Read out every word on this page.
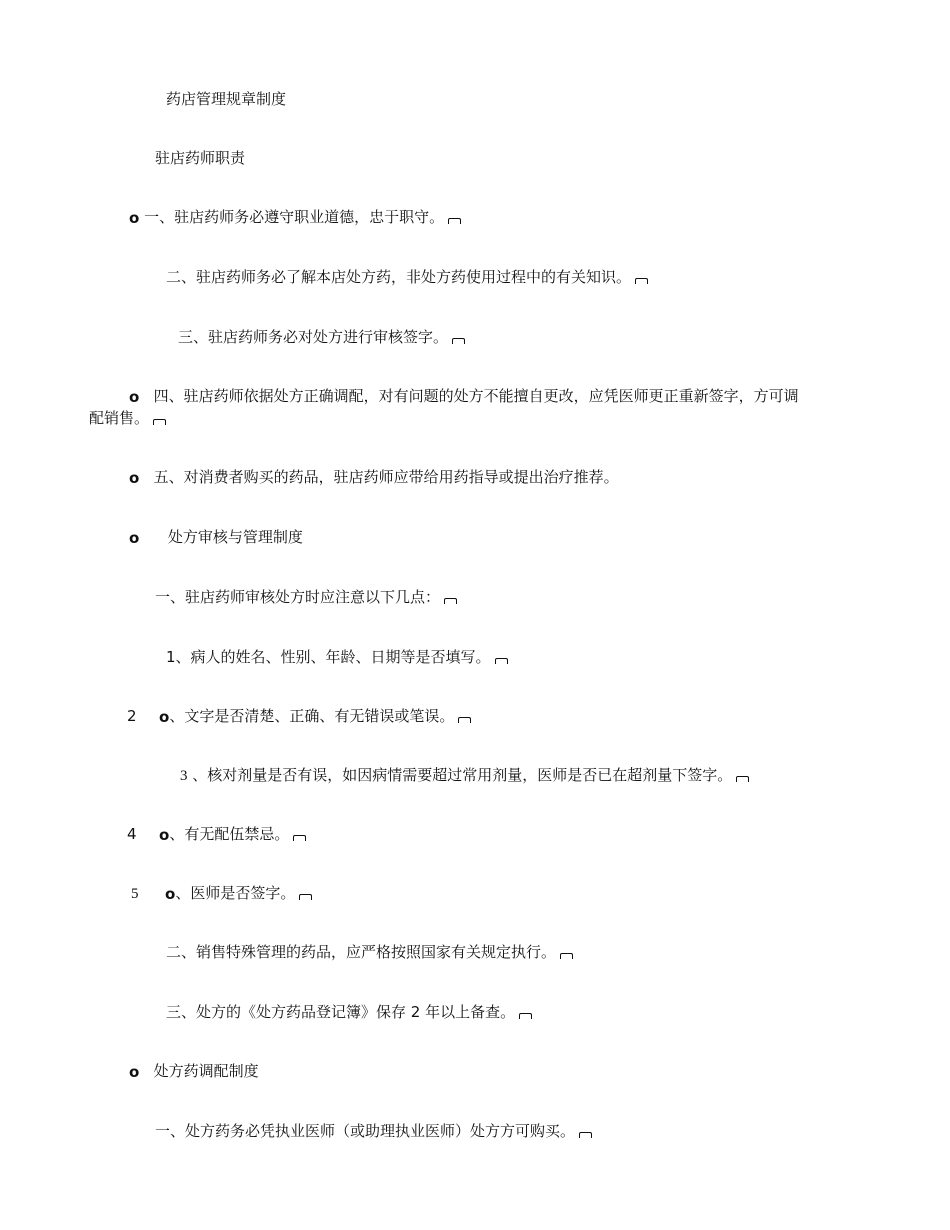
药店管理规章制度
驻店药师职责
o 一、驻店药师务必遵守职业道德，忠于职守。
二、驻店药师务必了解本店处方药，非处方药使用过程中的有关知识。
三、驻店药师务必对处方进行审核签字。
o 四、驻店药师依据处方正确调配，对有问题的处方不能擅自更改，应凭医师更正重新签字，方可调
配销售。
o 五、对消费者购买的药品，驻店药师应带给用药指导或提出治疗推荐。
o 处方审核与管理制度
一、驻店药师审核处方时应注意以下几点：
1、病人的姓名、性别、年龄、日期等是否填写。
2 o、文字是否清楚、正确、有无错误或笔误。
3 、核对剂量是否有误，如因病情需要超过常用剂量，医师是否已在超剂量下签字。
4 o、有无配伍禁忌。
5 o、医师是否签字。
二、销售特殊管理的药品，应严格按照国家有关规定执行。
三、处方的《处方药品登记簿》保存 2 年以上备查。
o 处方药调配制度
一、处方药务必凭执业医师（或助理执业医师）处方方可购买。
